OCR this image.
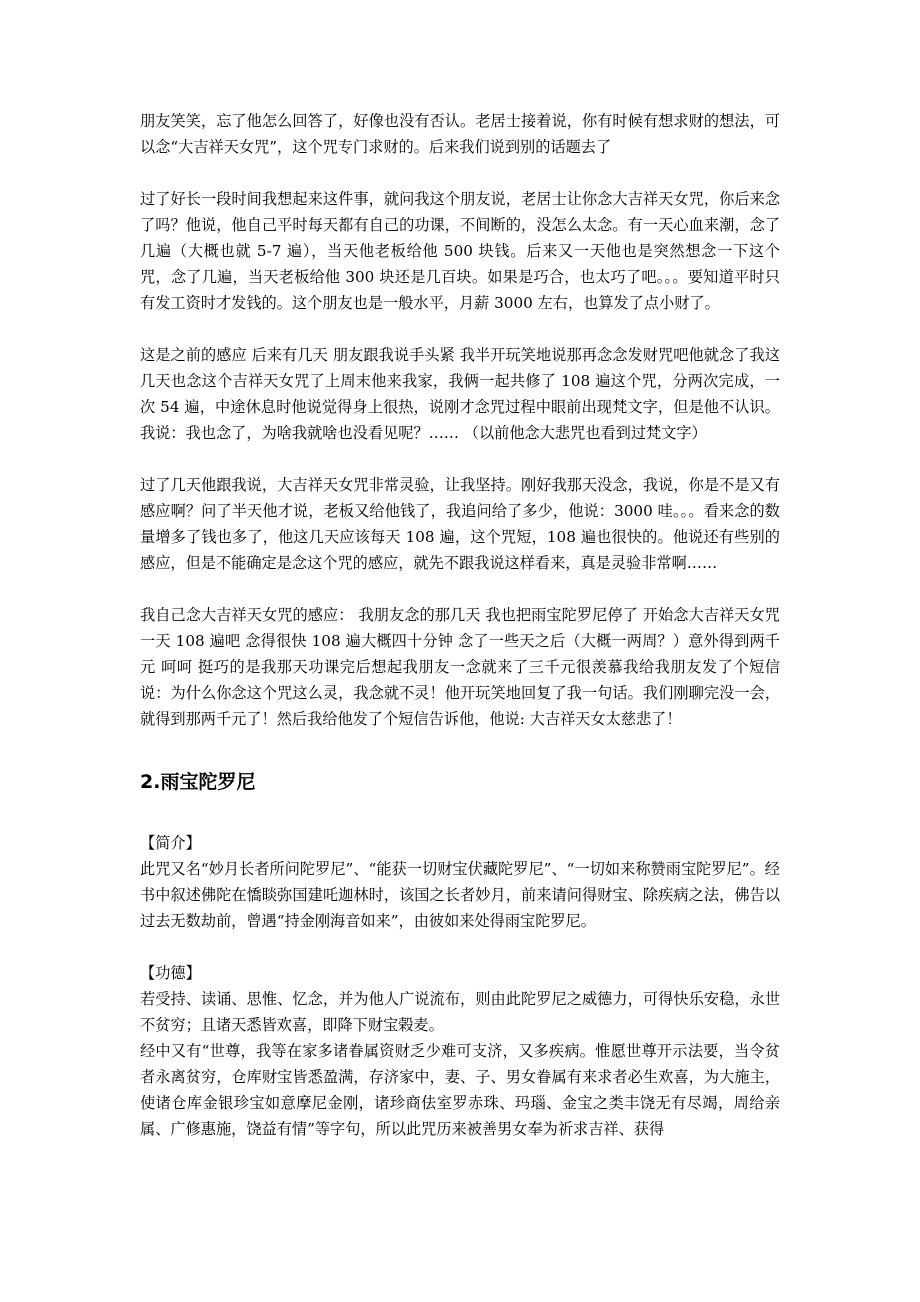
朋友笑笑，忘了他怎么回答了，好像也没有否认。老居士接着说，你有时候有想求财的想法，可以念“大吉祥天女咒”，这个咒专门求财的。后来我们说到别的话题去了

过了好长一段时间我想起来这件事，就问我这个朋友说，老居士让你念大吉祥天女咒，你后来念了吗？他说，他自己平时每天都有自己的功课，不间断的，没怎么太念。有一天心血来潮，念了几遍（大概也就 5-7 遍），当天他老板给他 500 块钱。后来又一天他也是突然想念一下这个咒，念了几遍，当天老板给他 300 块还是几百块。如果是巧合，也太巧了吧。。。要知道平时只有发工资时才发钱的。这个朋友也是一般水平，月薪 3000 左右，也算发了点小财了。

这是之前的感应 后来有几天 朋友跟我说手头紧 我半开玩笑地说那再念念发财咒吧他就念了我这几天也念这个吉祥天女咒了上周末他来我家，我俩一起共修了 108 遍这个咒，分两次完成，一次 54 遍，中途休息时他说觉得身上很热，说刚才念咒过程中眼前出现梵文字，但是他不认识。我说：我也念了，为啥我就啥也没看见呢？…… （以前他念大悲咒也看到过梵文字）

过了几天他跟我说，大吉祥天女咒非常灵验，让我坚持。刚好我那天没念，我说，你是不是又有感应啊？问了半天他才说，老板又给他钱了，我追问给了多少，他说：3000 哇。。。看来念的数量增多了钱也多了，他这几天应该每天 108 遍，这个咒短，108 遍也很快的。他说还有些别的感应，但是不能确定是念这个咒的感应，就先不跟我说这样看来，真是灵验非常啊……

我自己念大吉祥天女咒的感应： 我朋友念的那几天 我也把雨宝陀罗尼停了 开始念大吉祥天女咒 一天 108 遍吧 念得很快 108 遍大概四十分钟 念了一些天之后（大概一两周？）意外得到两千元 呵呵 挺巧的是我那天功课完后想起我朋友一念就来了三千元很羡慕我给我朋友发了个短信说：为什么你念这个咒这么灵，我念就不灵！他开玩笑地回复了我一句话。我们刚聊完没一会，就得到那两千元了！然后我给他发了个短信告诉他，他说: 大吉祥天女太慈悲了！

2.雨宝陀罗尼

【简介】

此咒又名“妙月长者所问陀罗尼”、“能获一切财宝伏藏陀罗尼”、“一切如来称赞雨宝陀罗尼”。经书中叙述佛陀在憍睒弥国建吒迦林时，该国之长者妙月，前来请问得财宝、除疾病之法，佛告以过去无数劫前，曾遇“持金刚海音如来”，由彼如来处得雨宝陀罗尼。

【功德】

若受持、读诵、思惟、忆念，并为他人广说流布，则由此陀罗尼之威德力，可得快乐安稳，永世不贫穷；且诸天悉皆欢喜，即降下财宝榖麦。

经中又有“世尊，我等在家多诸眷属资财乏少难可支济，又多疾病。惟愿世尊开示法要，当令贫者永离贫穷，仓库财宝皆悉盈满，存济家中，妻、子、男女眷属有来求者必生欢喜，为大施主，使诸仓库金银珍宝如意摩尼金刚，诸珍商佉室罗赤珠、玛瑙、金宝之类丰饶无有尽竭，周给亲属、广修惠施，饶益有情”等字句，所以此咒历来被善男女奉为祈求吉祥、获得
